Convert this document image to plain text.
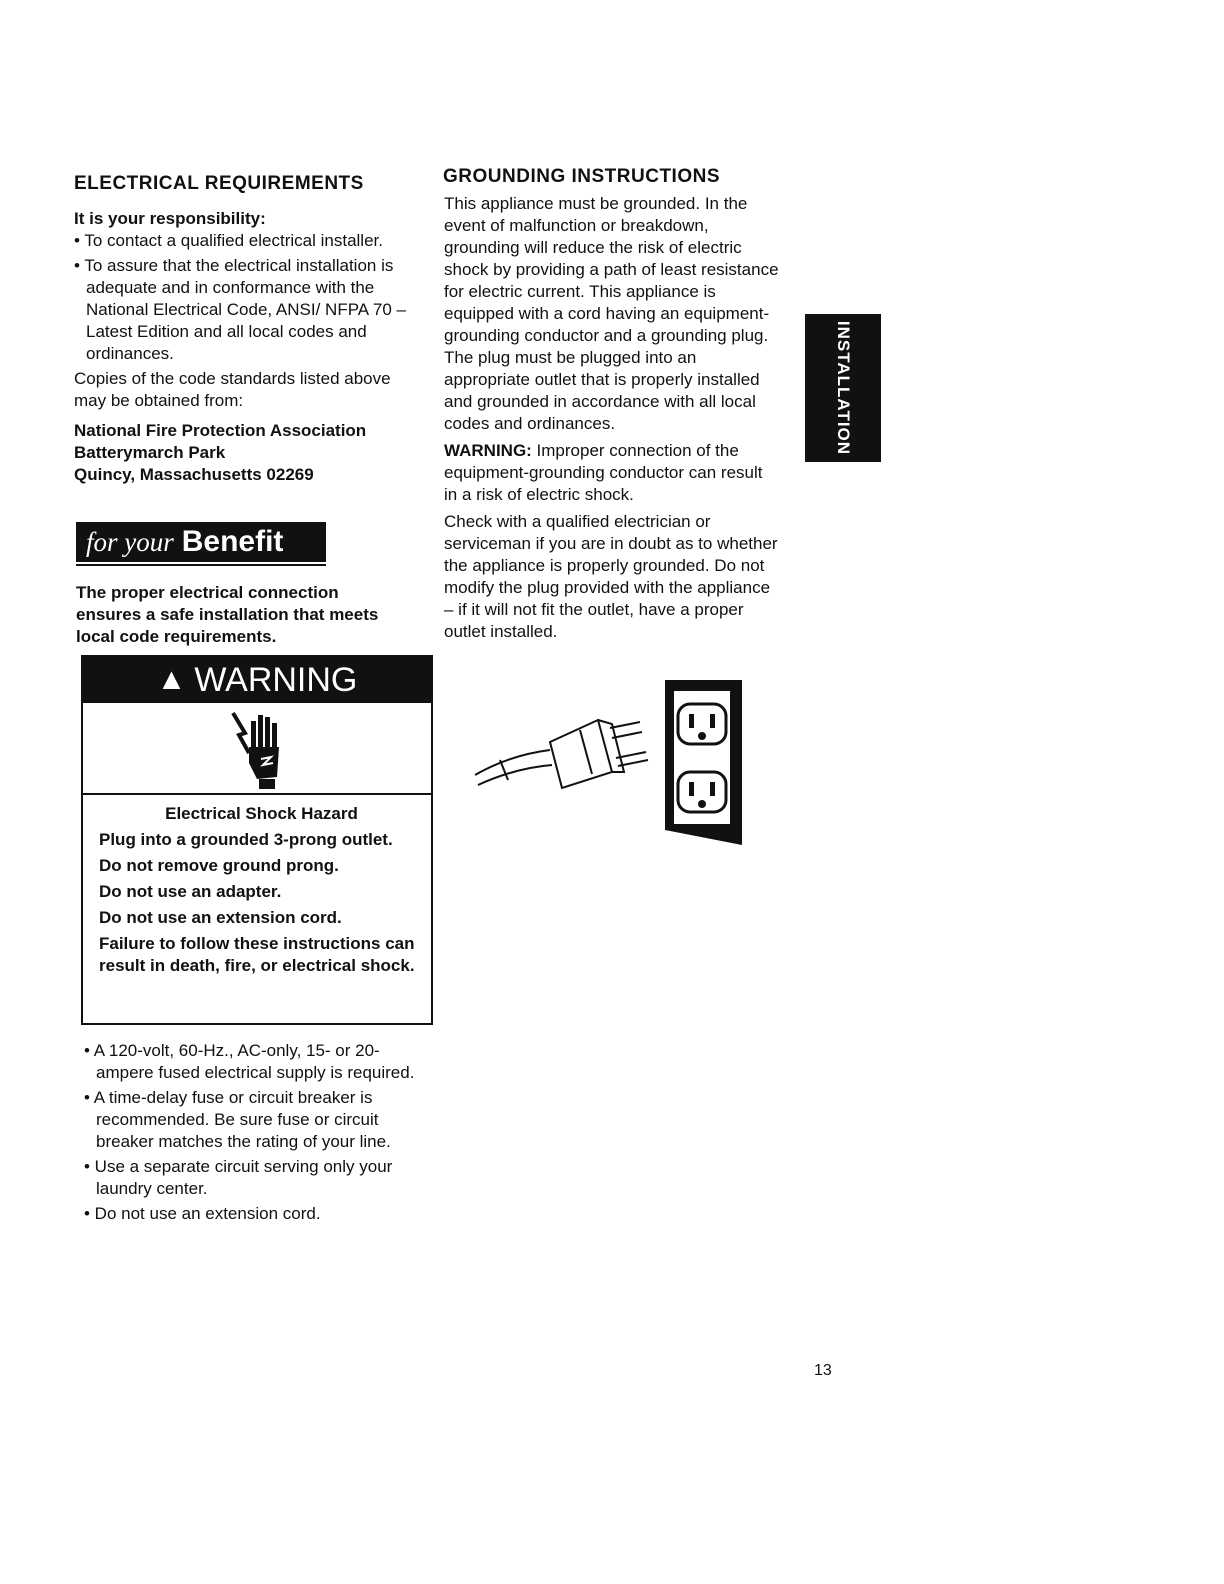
ELECTRICAL REQUIREMENTS
It is your responsibility:

• To contact a qualified electrical installer.

• To assure that the electrical installation is adequate and in conformance with the National Electrical Code, ANSI/ NFPA 70 – Latest Edition and all local codes and ordinances.

Copies of the code standards listed above may be obtained from:

National Fire Protection Association
Batterymarch Park
Quincy, Massachusetts 02269
for your Benefit
The proper electrical connection ensures a safe installation that meets local code requirements.
▲ WARNING
Electrical Shock Hazard

Plug into a grounded 3-prong outlet.

Do not remove ground prong.

Do not use an adapter.

Do not use an extension cord.

Failure to follow these instructions can result in death, fire, or electrical shock.

• A 120-volt, 60-Hz., AC-only, 15- or 20-ampere fused electrical supply is required.

• A time-delay fuse or circuit breaker is recommended. Be sure fuse or circuit breaker matches the rating of your line.

• Use a separate circuit serving only your laundry center.

• Do not use an extension cord.

GROUNDING INSTRUCTIONS

This appliance must be grounded. In the event of malfunction or breakdown, grounding will reduce the risk of electric shock by providing a path of least resistance for electric current. This appliance is equipped with a cord having an equipment-grounding conductor and a grounding plug. The plug must be plugged into an appropriate outlet that is properly installed and grounded in accordance with all local codes and ordinances.

WARNING: Improper connection of the equipment-grounding conductor can result in a risk of electric shock.

Check with a qualified electrician or serviceman if you are in doubt as to whether the appliance is properly grounded. Do not modify the plug provided with the appliance – if it will not fit the outlet, have a proper outlet installed.

INSTALLATION
13
